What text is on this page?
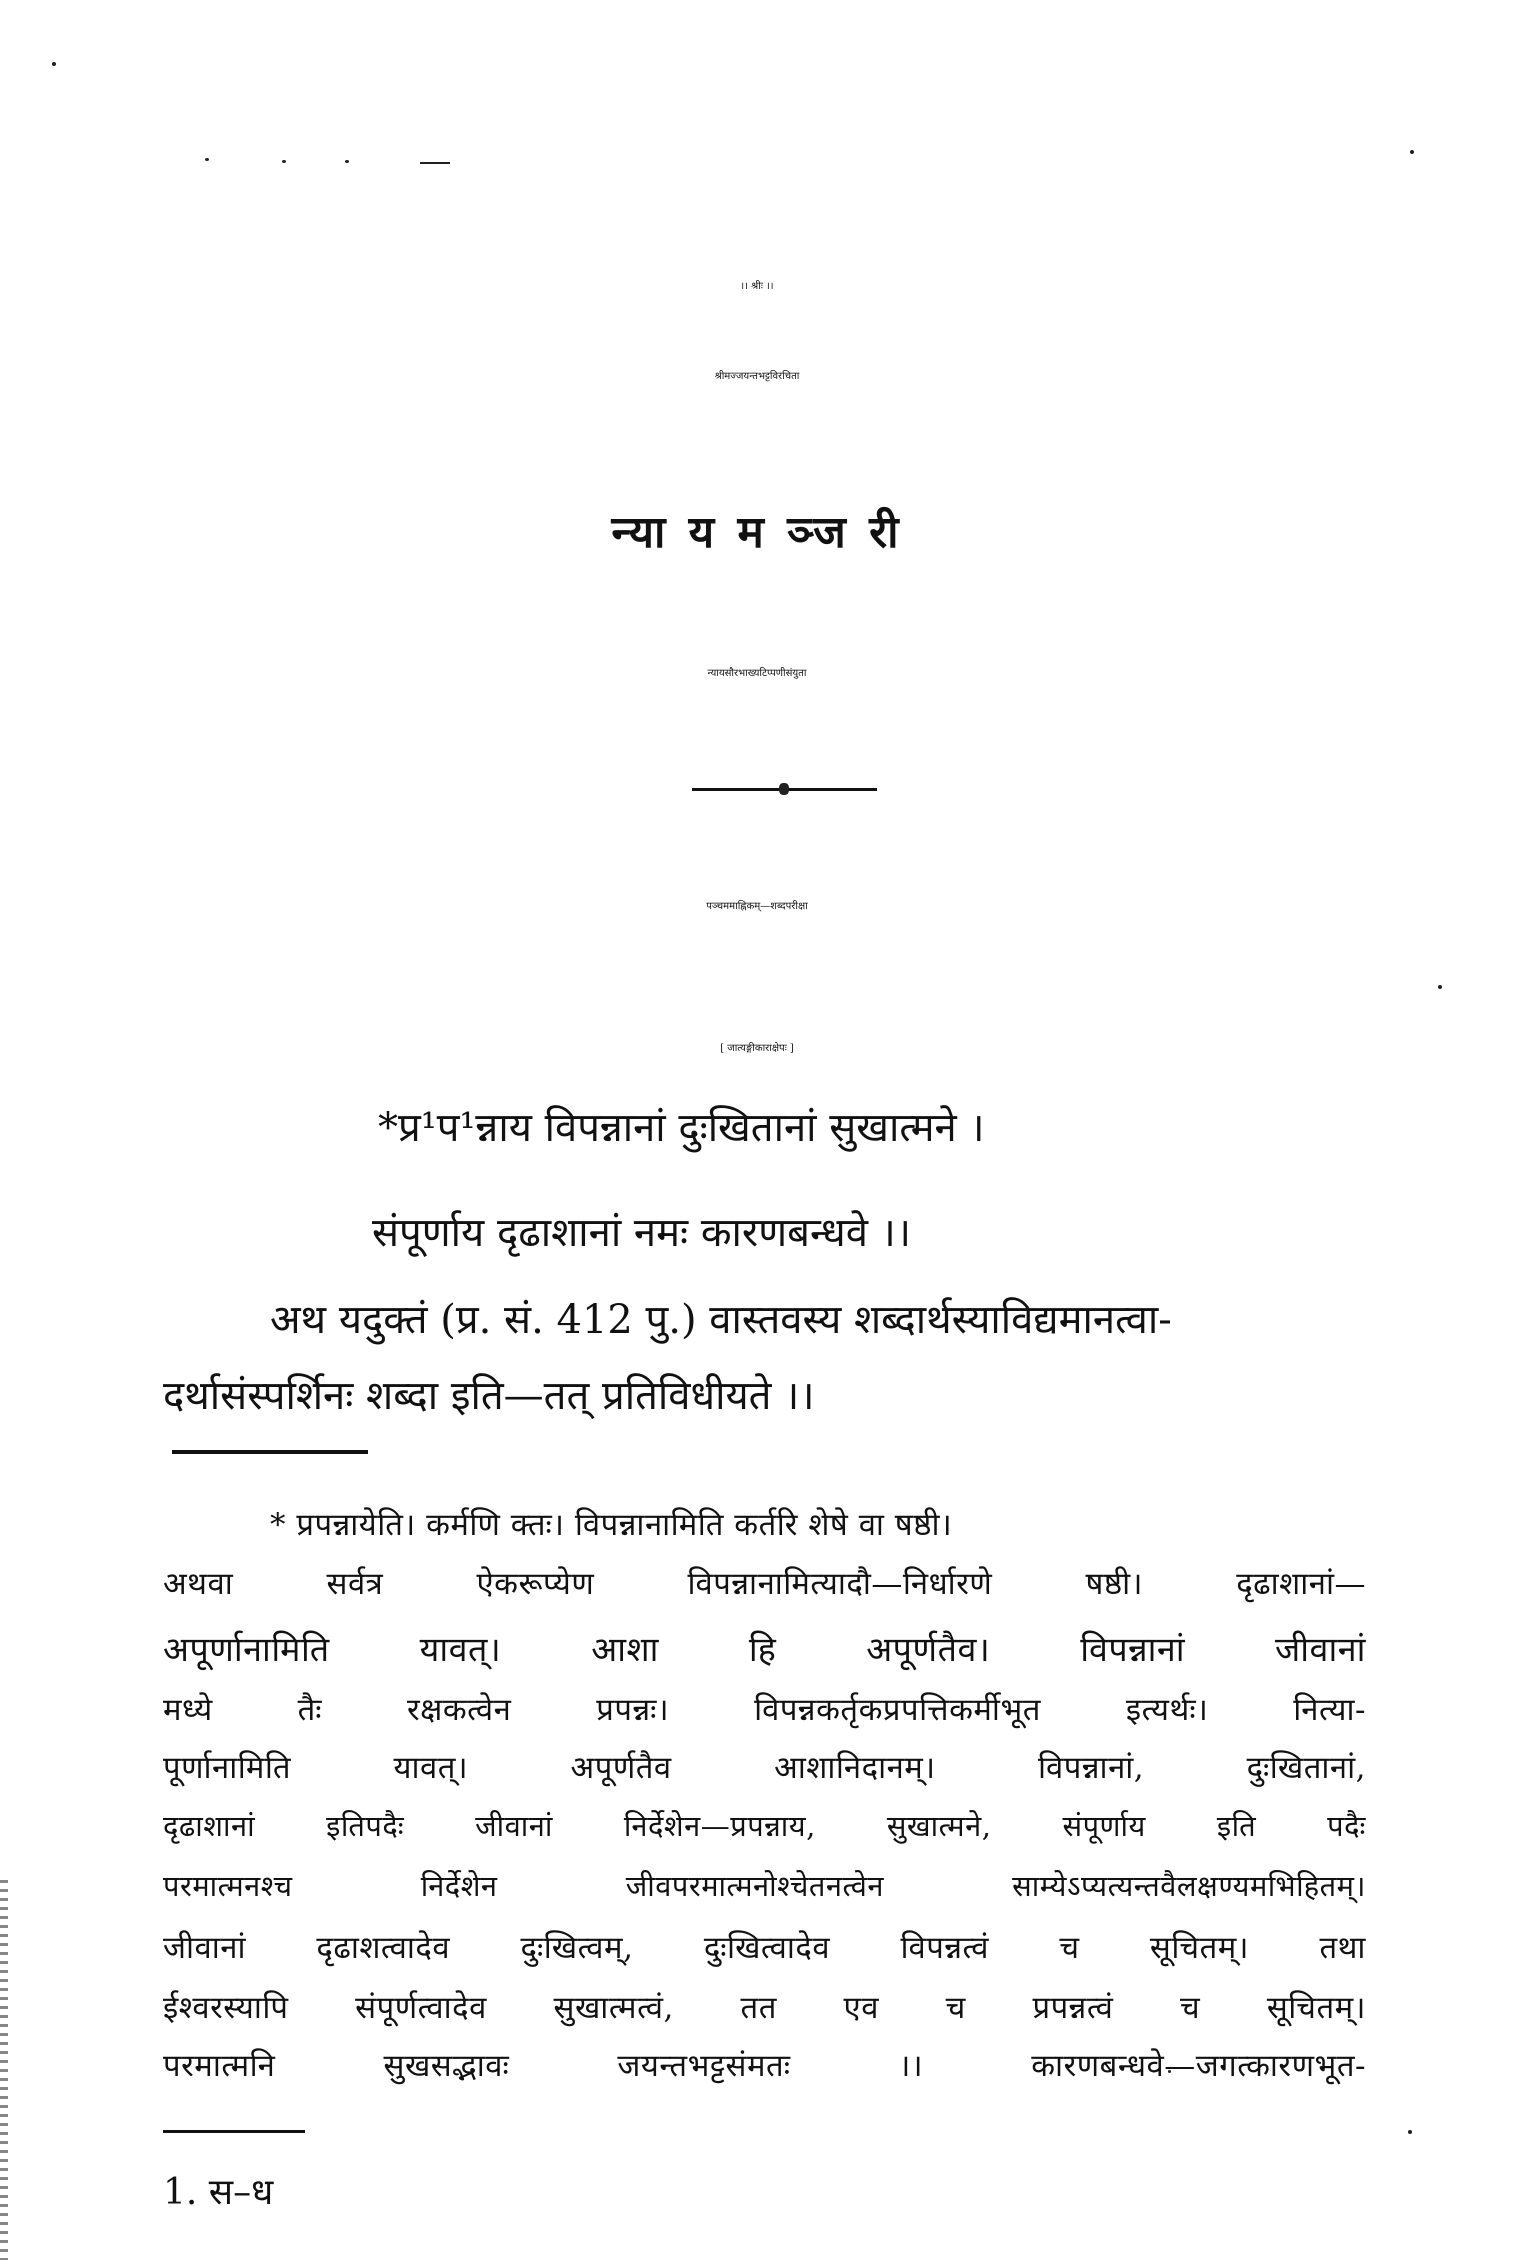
।। श्रीः ।।
श्रीमज्जयन्तभट्टविरचिता
न्या य म ञ्ज री
न्यायसौरभाख्यटिप्पणीसंयुता
पञ्चममाह्निकम्—शब्दपरीक्षा
[ जात्यङ्गीकाराक्षेपः ]
*प्र¹प¹न्नाय विपन्नानां दुःखितानां सुखात्मने ।
संपूर्णाय दृढाशानां नमः कारणबन्धवे ।।
अथ यदुक्तं (प्र. सं. 412 पु.) वास्तवस्य शब्दार्थस्याविद्यमानत्वा-
दर्थासंस्पर्शिनः शब्दा इति—तत् प्रतिविधीयते ।।
* प्रपन्नायेति। कर्मणि क्तः। विपन्नानामिति कर्तरि शेषे वा षष्ठी।
अथवा	सर्वत्र	ऐकरूप्येण	विपन्नानामित्यादौ—निर्धारणे	षष्ठी।	दृढाशानां—
अपूर्णानामिति	यावत्।	आशा	हि	अपूर्णतैव।	विपन्नानां	जीवानां
मध्ये	तैः	रक्षकत्वेन	प्रपन्नः।	विपन्नकर्तृकप्रपत्तिकर्मीभूत	इत्यर्थः।	नित्या-
पूर्णानामिति	यावत्।	अपूर्णतैव	आशानिदानम्।	विपन्नानां,	दुःखितानां,
दृढाशानां इतिपदैः जीवानां निर्देशेन—प्रपन्नाय, सुखात्मने, संपूर्णाय इति पदैः
परमात्मनश्च	निर्देशेन	जीवपरमात्मनोश्चेतनत्वेन	साम्येऽप्यत्यन्तवैलक्षण्यमभिहितम्।
जीवानां दृढाशत्वादेव दुःखित्वम्, दुःखित्वादेव विपन्नत्वं च सूचितम्। तथा
ईश्वरस्यापि संपूर्णत्वादेव सुखात्मत्वं, तत एव च प्रपन्नत्वं च सूचितम्।
परमात्मनि	सुखसद्भावः	जयन्तभट्टसंमतः	।।	कारणबन्धवे—जगत्कारणभूत-
1. स–ध
